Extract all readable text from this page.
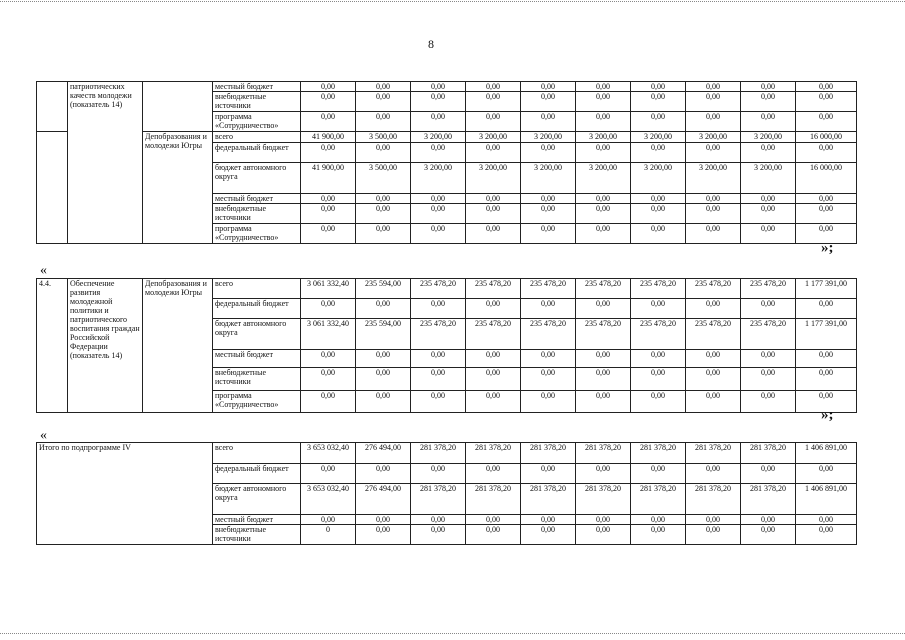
8
	патриотических качеств молодежи (показатель 14)		местный бюджет	0,00	0,00	0,00	0,00	0,00	0,00	0,00	0,00	0,00	0,00
			внебюджетные источники	0,00	0,00	0,00	0,00	0,00	0,00	0,00	0,00	0,00	0,00
			программа «Сотрудничество»	0,00	0,00	0,00	0,00	0,00	0,00	0,00	0,00	0,00	0,00
		Депобразования и молодежи Югры	всего	41 900,00	3 500,00	3 200,00	3 200,00	3 200,00	3 200,00	3 200,00	3 200,00	3 200,00	16 000,00
			федеральный бюджет	0,00	0,00	0,00	0,00	0,00	0,00	0,00	0,00	0,00	0,00
			бюджет автономного округа	41 900,00	3 500,00	3 200,00	3 200,00	3 200,00	3 200,00	3 200,00	3 200,00	3 200,00	16 000,00
			местный бюджет	0,00	0,00	0,00	0,00	0,00	0,00	0,00	0,00	0,00	0,00
			внебюджетные источники	0,00	0,00	0,00	0,00	0,00	0,00	0,00	0,00	0,00	0,00
			программа «Сотрудничество»	0,00	0,00	0,00	0,00	0,00	0,00	0,00	0,00	0,00	0,00
»;
«
4.4.	Обеспечение развития молодежной политики и патриотического воспитания граждан Российской Федерации (показатель 14)	Депобразования и молодежи Югры	всего	3 061 332,40	235 594,00	235 478,20	235 478,20	235 478,20	235 478,20	235 478,20	235 478,20	235 478,20	1 177 391,00
			федеральный бюджет	0,00	0,00	0,00	0,00	0,00	0,00	0,00	0,00	0,00	0,00
			бюджет автономного округа	3 061 332,40	235 594,00	235 478,20	235 478,20	235 478,20	235 478,20	235 478,20	235 478,20	235 478,20	1 177 391,00
			местный бюджет	0,00	0,00	0,00	0,00	0,00	0,00	0,00	0,00	0,00	0,00
			внебюджетные источники	0,00	0,00	0,00	0,00	0,00	0,00	0,00	0,00	0,00	0,00
			программа «Сотрудничество»	0,00	0,00	0,00	0,00	0,00	0,00	0,00	0,00	0,00	0,00
»;
«
Итого по подпрограмме IV	всего	3 653 032,40	276 494,00	281 378,20	281 378,20	281 378,20	281 378,20	281 378,20	281 378,20	281 378,20	1 406 891,00
	федеральный бюджет	0,00	0,00	0,00	0,00	0,00	0,00	0,00	0,00	0,00	0,00
	бюджет автономного округа	3 653 032,40	276 494,00	281 378,20	281 378,20	281 378,20	281 378,20	281 378,20	281 378,20	281 378,20	1 406 891,00
	местный бюджет	0,00	0,00	0,00	0,00	0,00	0,00	0,00	0,00	0,00	0,00
	внебюджетные источники	0	0,00	0,00	0,00	0,00	0,00	0,00	0,00	0,00	0,00
